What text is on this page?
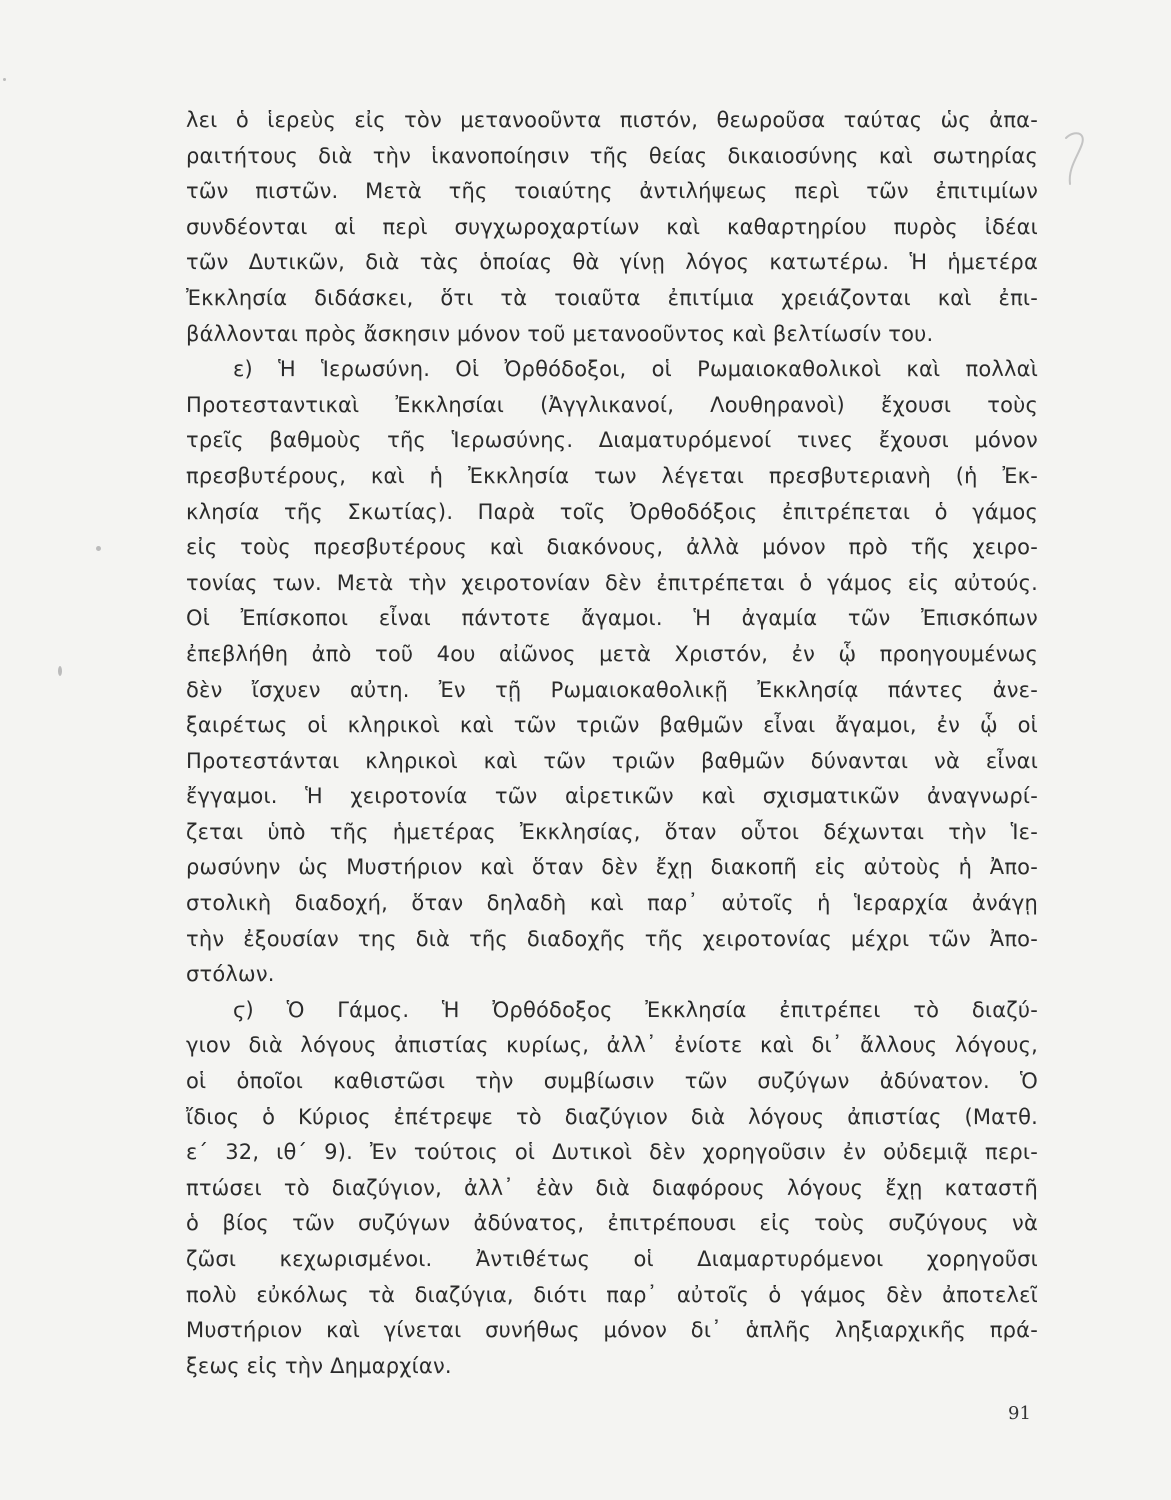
λει ὁ ἱερεὺς εἰς τὸν μετανοοῦντα πιστόν, θεωροῦσα ταύτας ὡς ἀπα-
ραιτήτους διὰ τὴν ἱκανοποίησιν τῆς θείας δικαιοσύνης καὶ σωτηρίας
τῶν πιστῶν. Μετὰ τῆς τοιαύτης ἀντιλήψεως περὶ τῶν ἐπιτιμίων
συνδέονται αἱ περὶ συγχωροχαρτίων καὶ καθαρτηρίου πυρὸς ἰδέαι
τῶν Δυτικῶν, διὰ τὰς ὁποίας θὰ γίνῃ λόγος κατωτέρω. Ἡ ἡμετέρα
Ἐκκλησία διδάσκει, ὅτι τὰ τοιαῦτα ἐπιτίμια χρειάζονται καὶ ἐπι-
βάλλονται πρὸς ἄσκησιν μόνον τοῦ μετανοοῦντος καὶ βελτίωσίν του.
ε) Ἡ Ἱερωσύνη. Οἱ Ὀρθόδοξοι, οἱ Ρωμαιοκαθολικοὶ καὶ πολλαὶ
Προτεσταντικαὶ Ἐκκλησίαι (Ἀγγλικανοί, Λουθηρανοὶ) ἔχουσι τοὺς
τρεῖς βαθμοὺς τῆς Ἱερωσύνης. Διαματυρόμενοί τινες ἔχουσι μόνον
πρεσβυτέρους, καὶ ἡ Ἐκκλησία των λέγεται πρεσβυτεριανὴ (ἡ Ἐκ-
κλησία τῆς Σκωτίας). Παρὰ τοῖς Ὀρθοδόξοις ἐπιτρέπεται ὁ γάμος
εἰς τοὺς πρεσβυτέρους καὶ διακόνους, ἀλλὰ μόνον πρὸ τῆς χειρο-
τονίας των. Μετὰ τὴν χειροτονίαν δὲν ἐπιτρέπεται ὁ γάμος εἰς αὐτούς.
Οἱ Ἐπίσκοποι εἶναι πάντοτε ἄγαμοι. Ἡ ἀγαμία τῶν Ἐπισκόπων
ἐπεβλήθη ἀπὸ τοῦ 4ου αἰῶνος μετὰ Χριστόν, ἐν ᾧ προηγουμένως
δὲν ἴσχυεν αὐτη. Ἐν τῇ Ρωμαιοκαθολικῇ Ἐκκλησίᾳ πάντες ἀνε-
ξαιρέτως οἱ κληρικοὶ καὶ τῶν τριῶν βαθμῶν εἶναι ἄγαμοι, ἐν ᾧ οἱ
Προτεστάνται κληρικοὶ καὶ τῶν τριῶν βαθμῶν δύνανται νὰ εἶναι
ἔγγαμοι. Ἡ χειροτονία τῶν αἱρετικῶν καὶ σχισματικῶν ἀναγνωρί-
ζεται ὑπὸ τῆς ἡμετέρας Ἐκκλησίας, ὅταν οὗτοι δέχωνται τὴν Ἱε-
ρωσύνην ὡς Μυστήριον καὶ ὅταν δὲν ἔχῃ διακοπῆ εἰς αὐτοὺς ἡ Ἀπο-
στολικὴ διαδοχή, ὅταν δηλαδὴ καὶ παρ᾽ αὐτοῖς ἡ Ἱεραρχία ἀνάγῃ
τὴν ἐξουσίαν της διὰ τῆς διαδοχῆς τῆς χειροτονίας μέχρι τῶν Ἀπο-
στόλων.
ϛ) Ὁ Γάμος. Ἡ Ὀρθόδοξος Ἐκκλησία ἐπιτρέπει τὸ διαζύ-
γιον διὰ λόγους ἀπιστίας κυρίως, ἀλλ᾽ ἐνίοτε καὶ δι᾽ ἄλλους λόγους,
οἱ ὁποῖοι καθιστῶσι τὴν συμβίωσιν τῶν συζύγων ἀδύνατον. Ὁ
ἴδιος ὁ Κύριος ἐπέτρεψε τὸ διαζύγιον διὰ λόγους ἀπιστίας (Ματθ.
ε´ 32, ιθ´ 9). Ἐν τούτοις οἱ Δυτικοὶ δὲν χορηγοῦσιν ἐν οὐδεμιᾷ περι-
πτώσει τὸ διαζύγιον, ἀλλ᾽ ἐὰν διὰ διαφόρους λόγους ἔχῃ καταστῆ
ὁ βίος τῶν συζύγων ἀδύνατος, ἐπιτρέπουσι εἰς τοὺς συζύγους νὰ
ζῶσι κεχωρισμένοι. Ἀντιθέτως οἱ Διαμαρτυρόμενοι χορηγοῦσι
πολὺ εὐκόλως τὰ διαζύγια, διότι παρ᾽ αὐτοῖς ὁ γάμος δὲν ἀποτελεῖ
Μυστήριον καὶ γίνεται συνήθως μόνον δι᾽ ἁπλῆς ληξιαρχικῆς πρά-
ξεως εἰς τὴν Δημαρχίαν.
91
